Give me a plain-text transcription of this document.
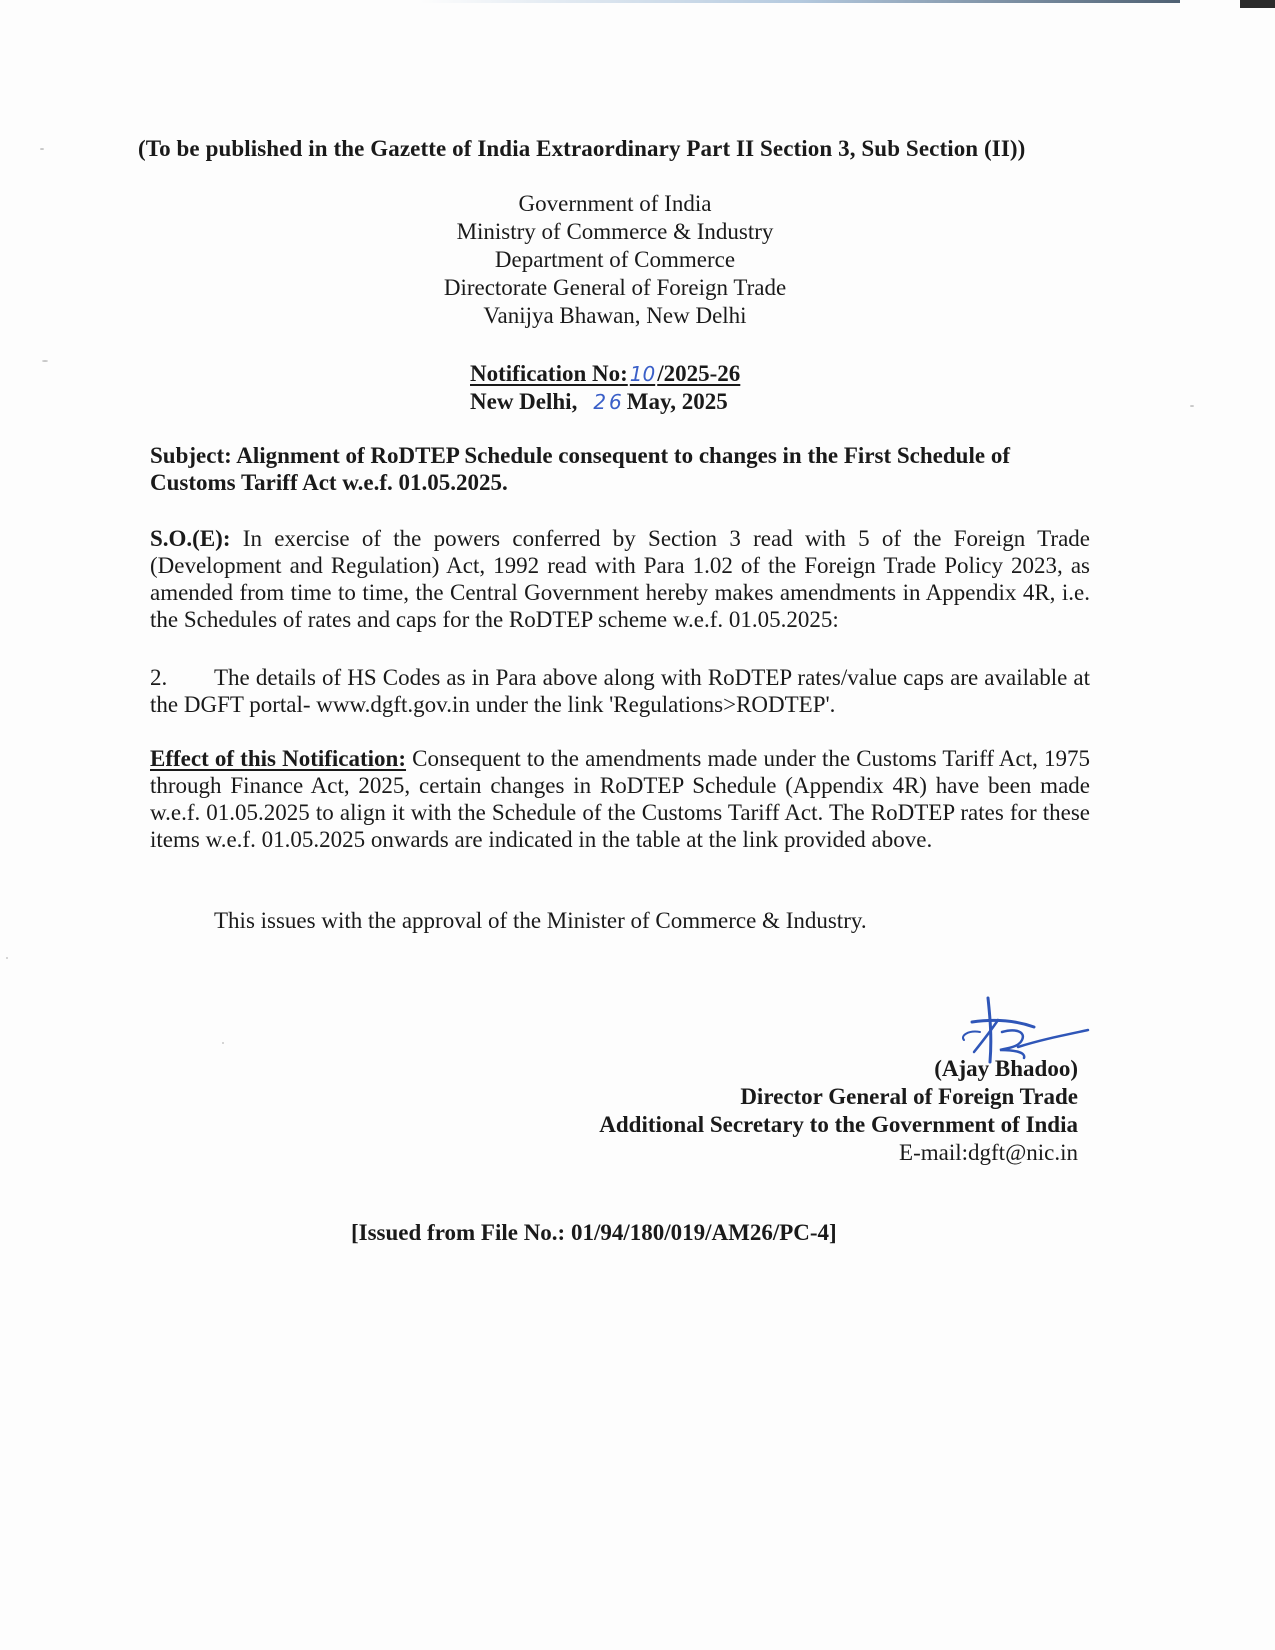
(To be published in the Gazette of India Extraordinary Part II Section 3, Sub Section (II))
Government of India
Ministry of Commerce & Industry
Department of Commerce
Directorate General of Foreign Trade
Vanijya Bhawan, New Delhi
Notification No: 10/2025-26
New Delhi, 26May, 2025
Subject: Alignment of RoDTEP Schedule consequent to changes in the First Schedule of Customs Tariff Act w.e.f. 01.05.2025.
S.O.(E): In exercise of the powers conferred by Section 3 read with 5 of the Foreign Trade (Development and Regulation) Act, 1992 read with Para 1.02 of the Foreign Trade Policy 2023, as amended from time to time, the Central Government hereby makes amendments in Appendix 4R, i.e. the Schedules of rates and caps for the RoDTEP scheme w.e.f. 01.05.2025:
2. The details of HS Codes as in Para above along with RoDTEP rates/value caps are available at the DGFT portal- www.dgft.gov.in under the link 'Regulations>RODTEP'.
Effect of this Notification: Consequent to the amendments made under the Customs Tariff Act, 1975 through Finance Act, 2025, certain changes in RoDTEP Schedule (Appendix 4R) have been made w.e.f. 01.05.2025 to align it with the Schedule of the Customs Tariff Act. The RoDTEP rates for these items w.e.f. 01.05.2025 onwards are indicated in the table at the link provided above.
This issues with the approval of the Minister of Commerce & Industry.
(Ajay Bhadoo)
Director General of Foreign Trade
Additional Secretary to the Government of India
E-mail:dgft@nic.in
[Issued from File No.: 01/94/180/019/AM26/PC-4]
